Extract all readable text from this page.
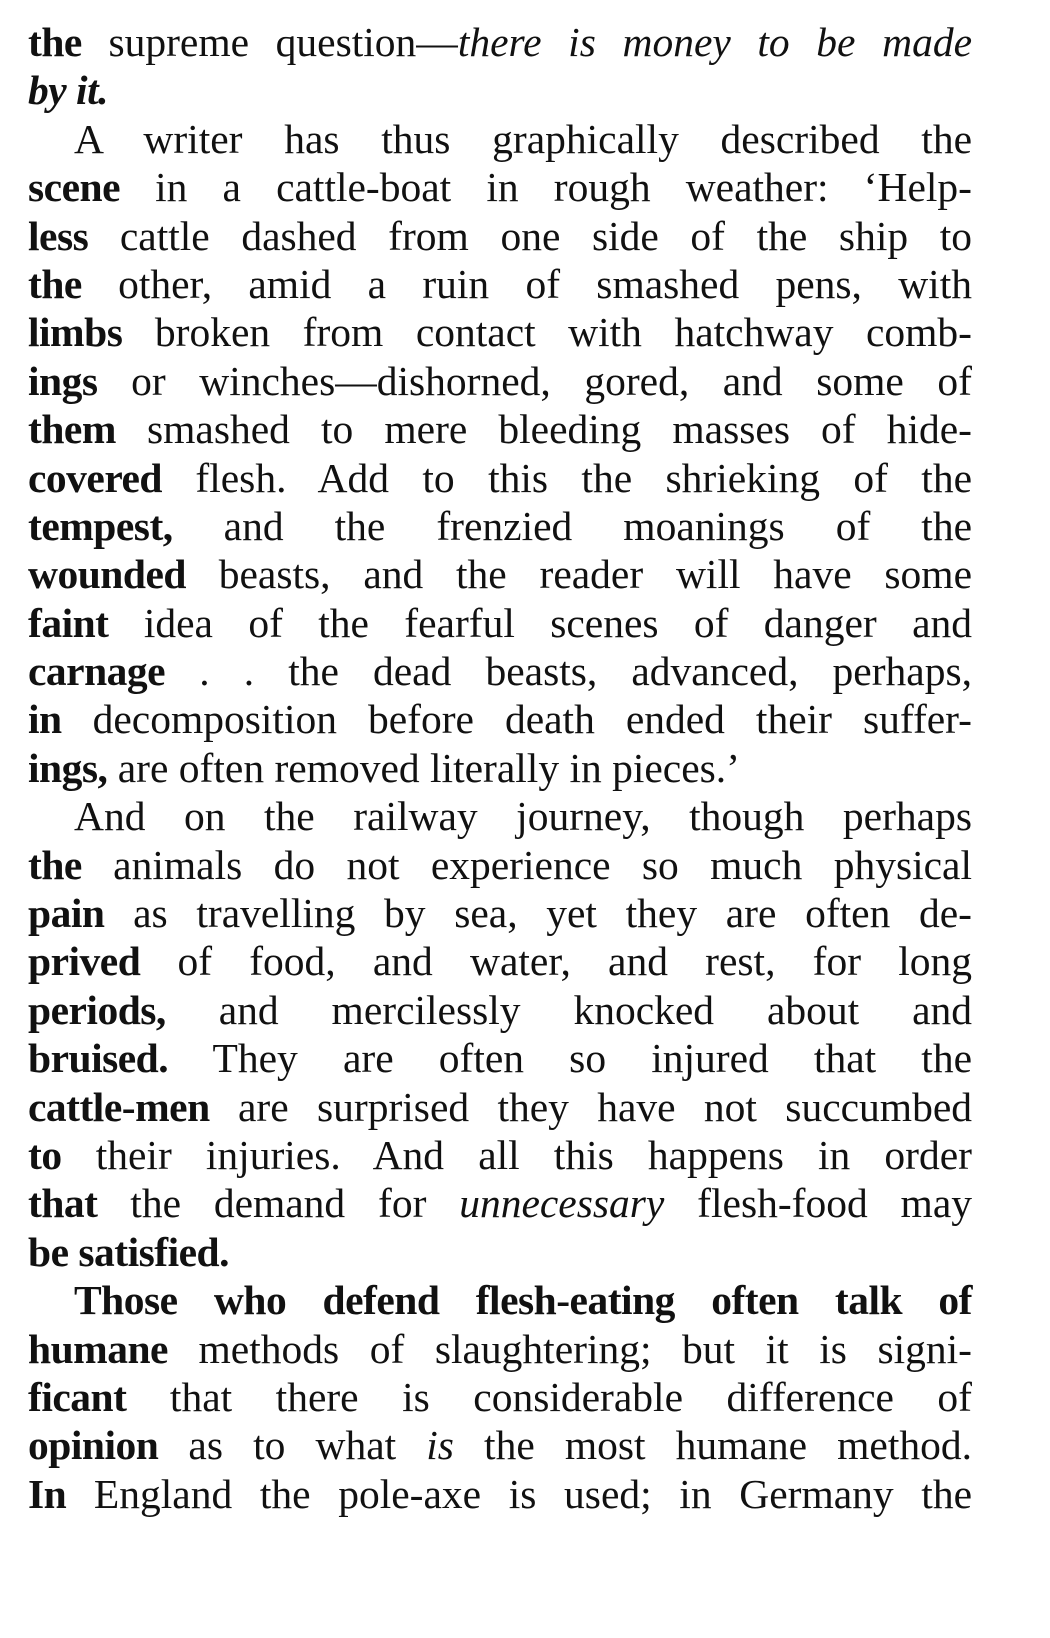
the supreme question—there is money to be made
by it.
A writer has thus graphically described the
scene in a cattle-boat in rough weather: ‘Help-
less cattle dashed from one side of the ship to
the other, amid a ruin of smashed pens, with
limbs broken from contact with hatchway comb-
ings or winches—dishorned, gored, and some of
them smashed to mere bleeding masses of hide-
covered flesh. Add to this the shrieking of the
tempest, and the frenzied moanings of the
wounded beasts, and the reader will have some
faint idea of the fearful scenes of danger and
carnage . . the dead beasts, advanced, perhaps,
in decomposition before death ended their suffer-
ings, are often removed literally in pieces.’
And on the railway journey, though perhaps
the animals do not experience so much physical
pain as travelling by sea, yet they are often de-
prived of food, and water, and rest, for long
periods, and mercilessly knocked about and
bruised. They are often so injured that the
cattle-men are surprised they have not succumbed
to their injuries. And all this happens in order
that the demand for unnecessary flesh-food may
be satisfied.
Those who defend flesh-eating often talk of
humane methods of slaughtering; but it is signi-
ficant that there is considerable difference of
opinion as to what is the most humane method.
In England the pole-axe is used; in Germany the
